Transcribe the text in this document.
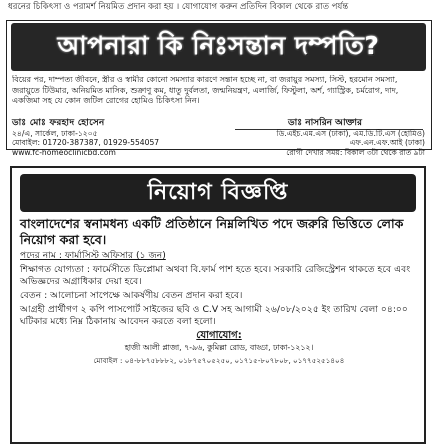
ধরনের চিকিৎসা ও পরামর্শ নিয়মিত প্রদান করা হয় । যোগাযোগ করুন প্রতিদিন বিকাল থেকে রাত পর্যন্ত
আপনারা কি নিঃসন্তান দম্পতি?
বিয়ের পর, দাম্পত্য জীবনে, স্ত্রীর ও স্বামীর কোনো সমস্যার কারণে সন্তান হচ্ছে না, বা জরায়ুর সমস্যা, সিস্ট, হরমোন সমস্যা, জরায়ুতে টিউমার, অনিয়মিত মাসিক, শুক্রাণু কম, ধাতু দুর্বলতা, জন্মনিয়ন্ত্রণ, এলার্জি, ফিস্টুলা, অর্শ, গ্যাস্ট্রিক, চর্মরোগ, দাদ, একজিমা সহ যে কোন জটিল রোগের হোমিও চিকিৎসা নিন।
ডাঃ মোঃ ফরহাদ হোসেন
২৪/এ, সার্কেল, ঢাকা-১২০৫
মোবাইল: 01720-387387, 01929-554057
www.fc-homeoclinicbd.com
ডাঃ নাসরিন আক্তার
ডি.এইচ.এম.এস (ঢাকা), এম.ডি.টি.এস (হোমিও)
এফ.এন.এফ.আই (ঢাকা)
রোগী দেখার সময়: বিকাল ৩টা থেকে রাত ৯টা
নিয়োগ বিজ্ঞপ্তি

বাংলাদেশের স্বনামধন্য একটি প্রতিষ্ঠানে নিম্নলিখিত পদে জরুরি ভিত্তিতে লোক নিয়োগ করা হবে।

পদের নাম : ফার্মাসিস্ট অফিসার (১ জন)

শিক্ষাগত যোগ্যতা : ফার্মেসীতে ডিপ্লোমা অথবা বি.ফার্ম পাশ হতে হবে। সরকারি রেজিস্ট্রেশন থাকতে হবে এবং অভিজ্ঞদের অগ্রাধিকার দেয়া হবে।

বেতন : আলোচনা সাপেক্ষে আকর্ষণীয় বেতন প্রদান করা হবে।

আগ্রহী প্রার্থীগণ ২ কপি পাসপোর্ট সাইজের ছবি ও C.V সহ আগামী ২৬/০৮/২০২৫ ইং তারিখ বেলা ০৪:০০ ঘটিকার মধ্যে নিম্ন ঠিকানায় আবেদন করতে বলা হলো।

যোগাযোগ:
হাজী আলী প্লাজা, ৭-৯৬, কুমিল্লা রোড, বাড্ডা, ঢাকা-১২১২।
মোবাইল : ০৪-৮৮৭৫৮৮৮২, ০১৮৭৫৭০৫২৫০, ০১৭১৫-৮০৭৮০৮, ০১৭৭৫২৫১৪০৪
